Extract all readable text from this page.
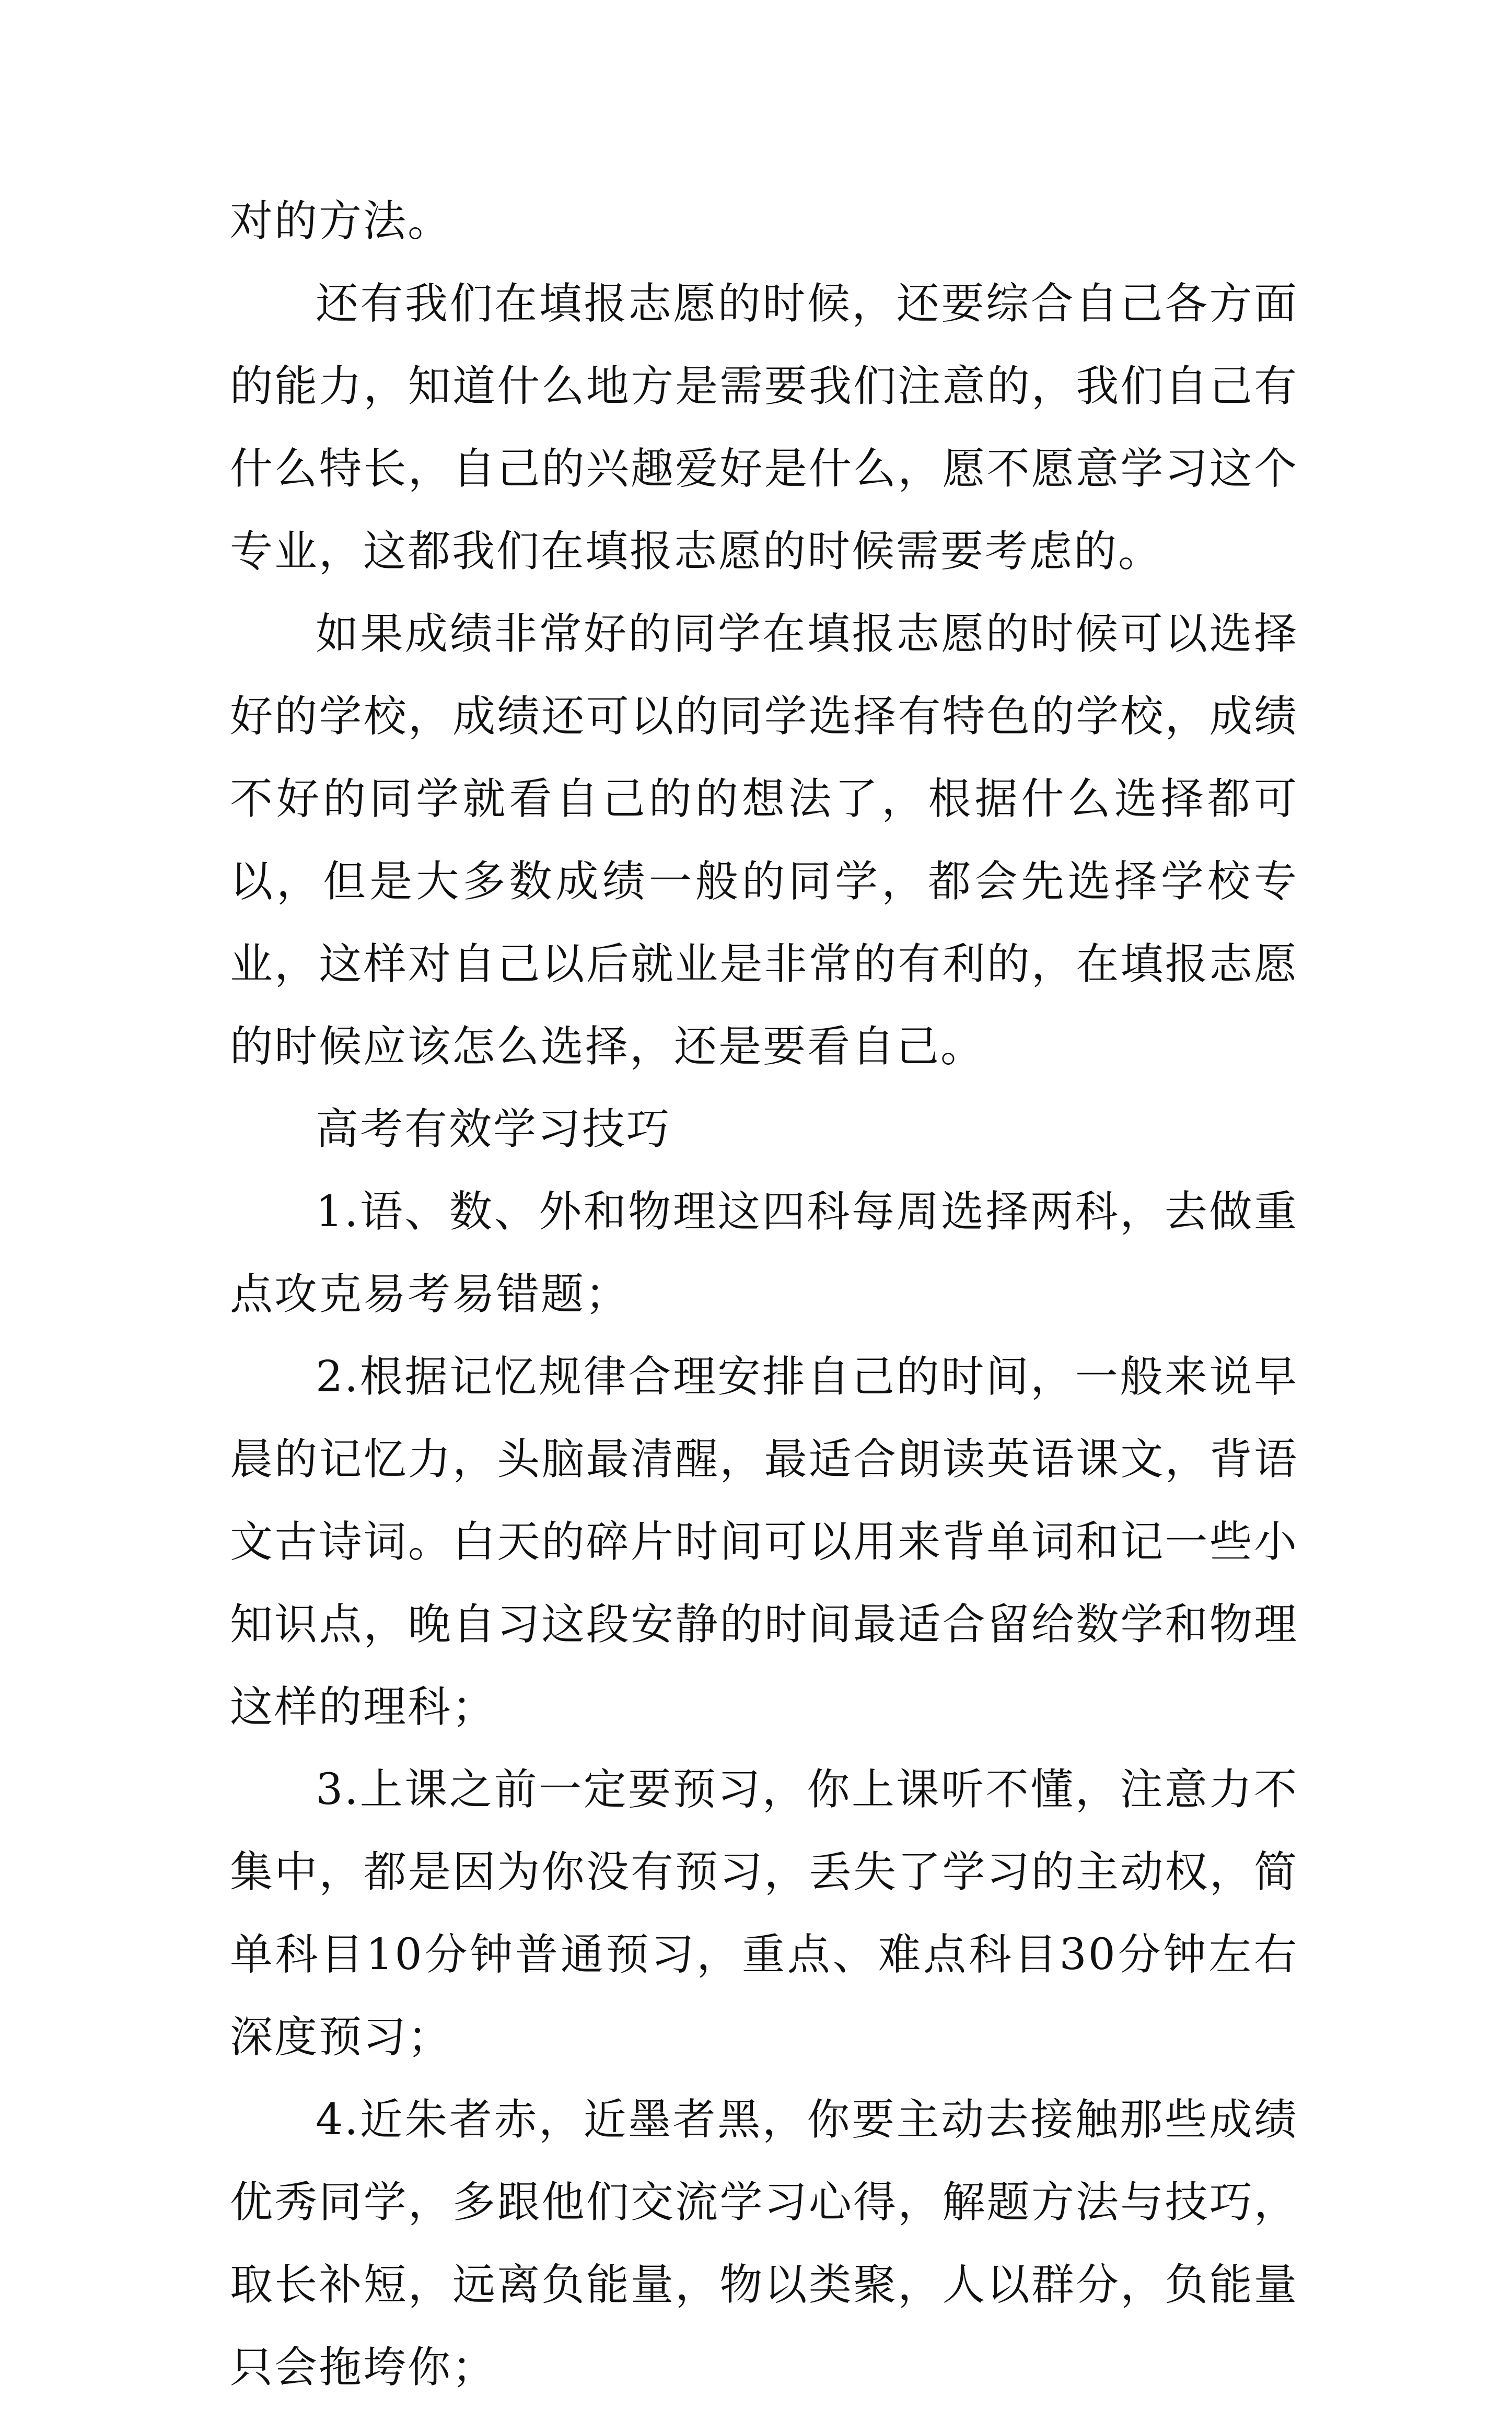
对的方法。

还有我们在填报志愿的时候，还要综合自己各方面的能力，知道什么地方是需要我们注意的，我们自己有什么特长，自己的兴趣爱好是什么，愿不愿意学习这个专业，这都我们在填报志愿的时候需要考虑的。

如果成绩非常好的同学在填报志愿的时候可以选择好的学校，成绩还可以的同学选择有特色的学校，成绩不好的同学就看自己的的想法了，根据什么选择都可以，但是大多数成绩一般的同学，都会先选择学校专业，这样对自己以后就业是非常的有利的，在填报志愿的时候应该怎么选择，还是要看自己。

高考有效学习技巧

1.语、数、外和物理这四科每周选择两科，去做重点攻克易考易错题；

2.根据记忆规律合理安排自己的时间，一般来说早晨的记忆力，头脑最清醒，最适合朗读英语课文，背语文古诗词。白天的碎片时间可以用来背单词和记一些小知识点，晚自习这段安静的时间最适合留给数学和物理这样的理科；

3.上课之前一定要预习，你上课听不懂，注意力不集中，都是因为你没有预习，丢失了学习的主动权，简单科目10分钟普通预习，重点、难点科目30分钟左右深度预习；

4.近朱者赤，近墨者黑，你要主动去接触那些成绩优秀同学，多跟他们交流学习心得，解题方法与技巧，取长补短，远离负能量，物以类聚，人以群分，负能量只会拖垮你；
